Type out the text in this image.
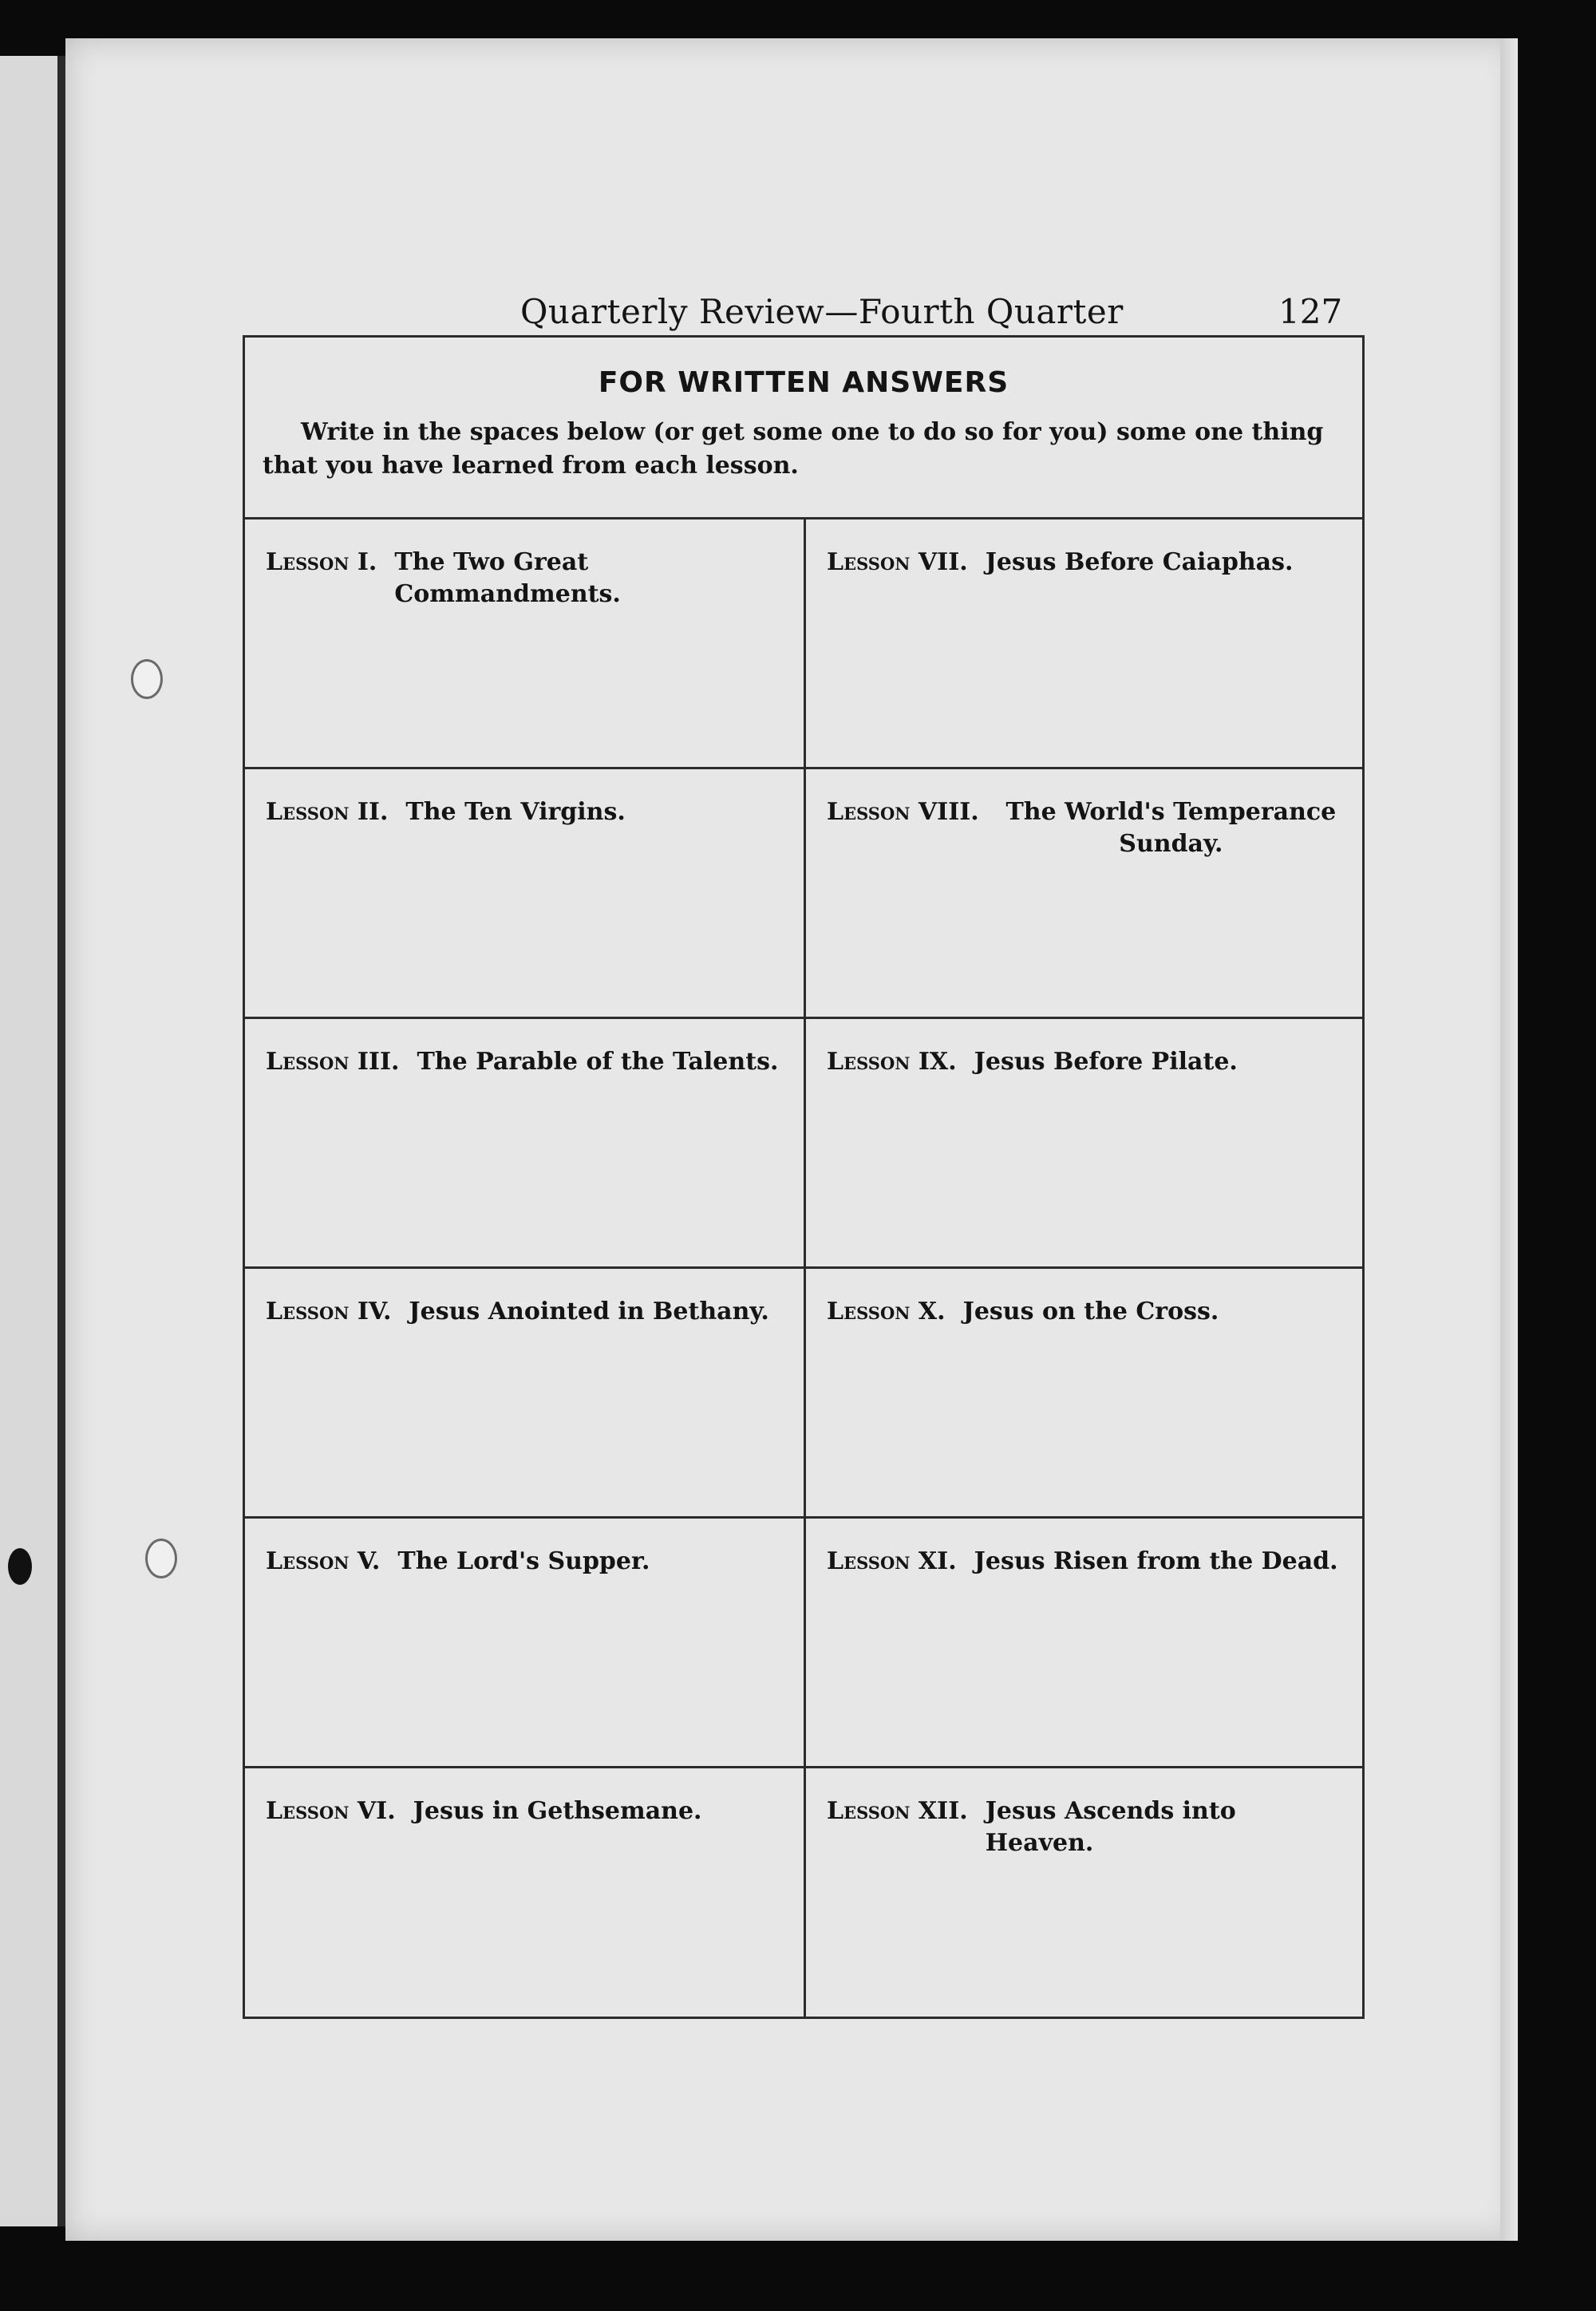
Quarterly Review—Fourth Quarter	127
FOR WRITTEN ANSWERS
Write in the spaces below (or get some one to do so for you) some one thing that you have learned from each lesson.
Lesson I. The Two Great Commandments.
Lesson II. The Ten Virgins.
Lesson III. The Parable of the Talents.
Lesson IV. Jesus Anointed in Bethany.
Lesson V. The Lord's Supper.
Lesson VI. Jesus in Gethsemane.
Lesson VII. Jesus Before Caiaphas.
Lesson VIII.	The World's Temperance Sunday.
Lesson IX. Jesus Before Pilate.
Lesson X. Jesus on the Cross.
Lesson XI. Jesus Risen from the Dead.
Lesson XII. Jesus Ascends into Heaven.
